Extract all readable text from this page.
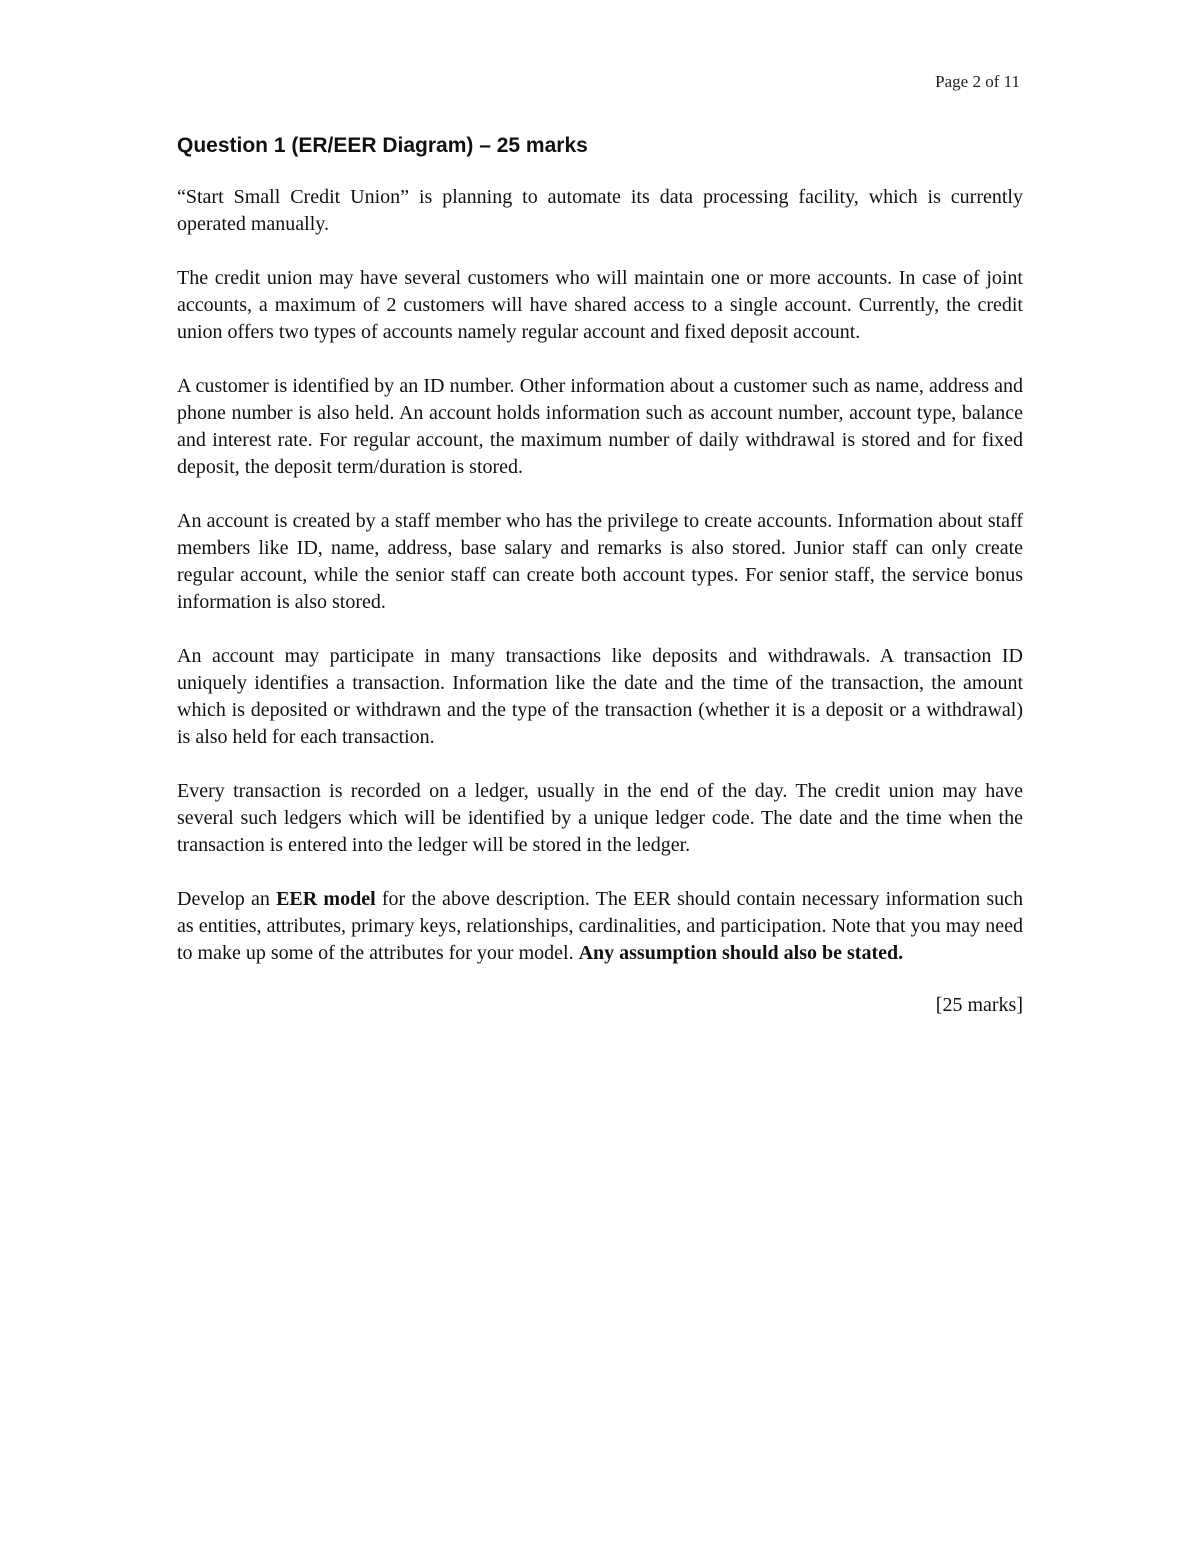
Page 2 of 11
Question 1 (ER/EER Diagram) – 25 marks

“Start Small Credit Union” is planning to automate its data processing facility, which is currently operated manually.

The credit union may have several customers who will maintain one or more accounts. In case of joint accounts, a maximum of 2 customers will have shared access to a single account. Currently, the credit union offers two types of accounts namely regular account and fixed deposit account.

A customer is identified by an ID number. Other information about a customer such as name, address and phone number is also held. An account holds information such as account number, account type, balance and interest rate. For regular account, the maximum number of daily withdrawal is stored and for fixed deposit, the deposit term/duration is stored.

An account is created by a staff member who has the privilege to create accounts. Information about staff members like ID, name, address, base salary and remarks is also stored. Junior staff can only create regular account, while the senior staff can create both account types. For senior staff, the service bonus information is also stored.

An account may participate in many transactions like deposits and withdrawals. A transaction ID uniquely identifies a transaction. Information like the date and the time of the transaction, the amount which is deposited or withdrawn and the type of the transaction (whether it is a deposit or a withdrawal) is also held for each transaction.

Every transaction is recorded on a ledger, usually in the end of the day. The credit union may have several such ledgers which will be identified by a unique ledger code. The date and the time when the transaction is entered into the ledger will be stored in the ledger.

Develop an EER model for the above description. The EER should contain necessary information such as entities, attributes, primary keys, relationships, cardinalities, and participation. Note that you may need to make up some of the attributes for your model. Any assumption should also be stated.

[25 marks]
